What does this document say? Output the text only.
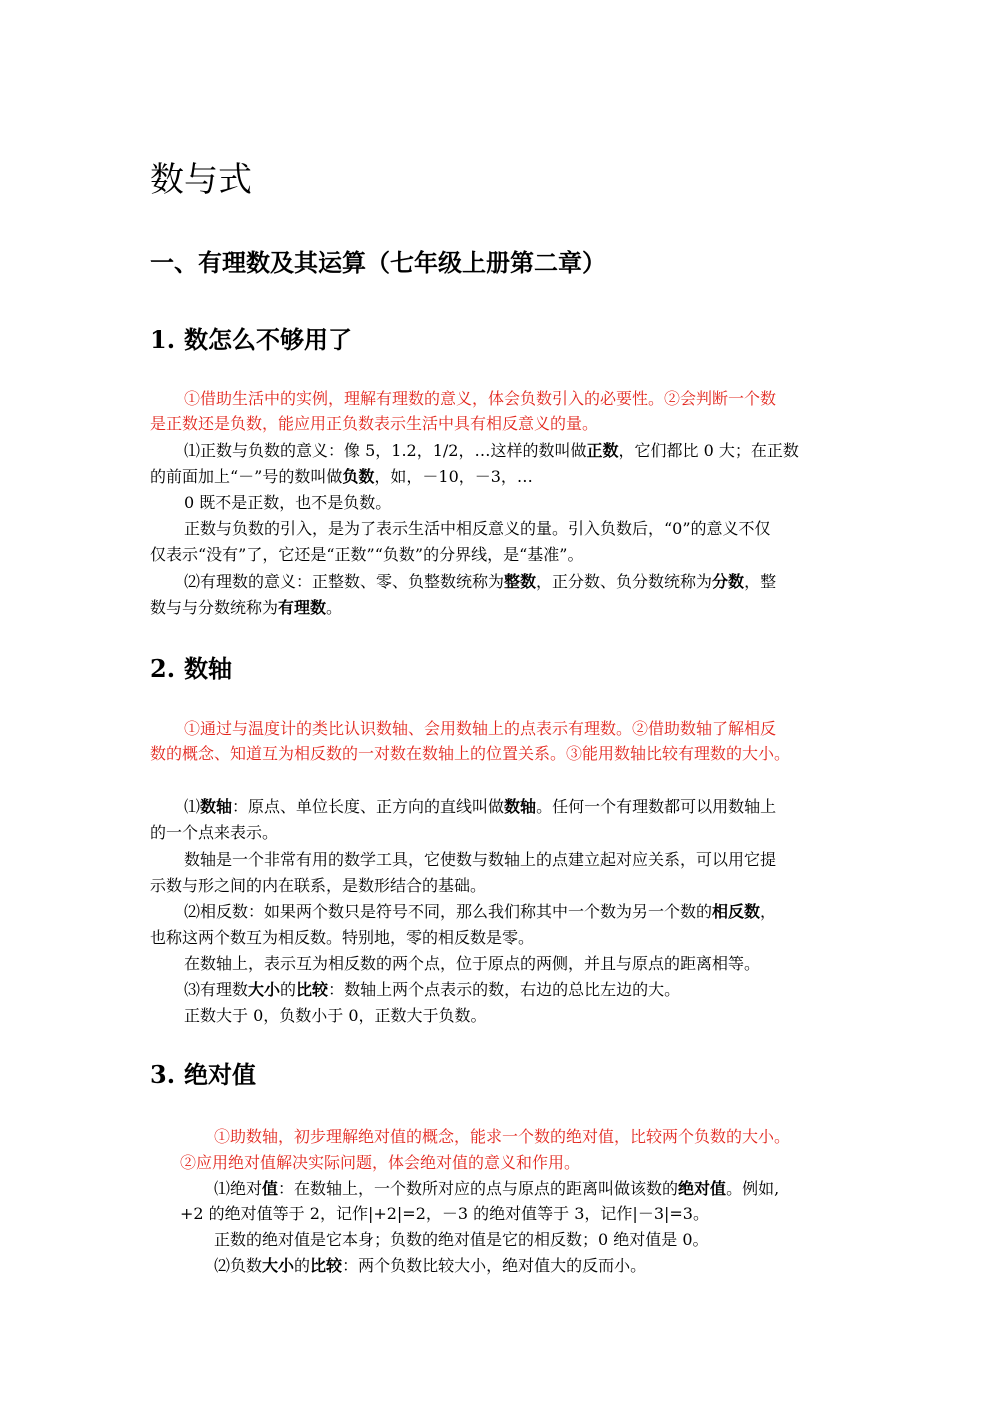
数与式
一、有理数及其运算（七年级上册第二章）
1. 数怎么不够用了
①借助生活中的实例，理解有理数的意义，体会负数引入的必要性。②会判断一个数
是正数还是负数，能应用正负数表示生活中具有相反意义的量。
⑴正数与负数的意义：像 5，1.2，1/2，…这样的数叫做正数，它们都比 0 大；在正数
的前面加上“－”号的数叫做负数，如，－10，－3，…
0 既不是正数，也不是负数。
正数与负数的引入，是为了表示生活中相反意义的量。引入负数后，“0”的意义不仅
仅表示“没有”了，它还是“正数”“负数”的分界线，是“基准”。
⑵有理数的意义：正整数、零、负整数统称为整数，正分数、负分数统称为分数，整
数与与分数统称为有理数。
2. 数轴
①通过与温度计的类比认识数轴、会用数轴上的点表示有理数。②借助数轴了解相反
数的概念、知道互为相反数的一对数在数轴上的位置关系。③能用数轴比较有理数的大小。
⑴数轴：原点、单位长度、正方向的直线叫做数轴。任何一个有理数都可以用数轴上
的一个点来表示。
数轴是一个非常有用的数学工具，它使数与数轴上的点建立起对应关系，可以用它提
示数与形之间的内在联系，是数形结合的基础。
⑵相反数：如果两个数只是符号不同，那么我们称其中一个数为另一个数的相反数，
也称这两个数互为相反数。特别地，零的相反数是零。
在数轴上，表示互为相反数的两个点，位于原点的两侧，并且与原点的距离相等。
⑶有理数大小的比较：数轴上两个点表示的数，右边的总比左边的大。
正数大于 0，负数小于 0，正数大于负数。
3. 绝对值
①助数轴，初步理解绝对值的概念，能求一个数的绝对值，比较两个负数的大小。
②应用绝对值解决实际问题，体会绝对值的意义和作用。
⑴绝对值：在数轴上，一个数所对应的点与原点的距离叫做该数的绝对值。例如,
+2 的绝对值等于 2，记作|+2|=2，－3 的绝对值等于 3，记作|－3|=3。
正数的绝对值是它本身；负数的绝对值是它的相反数；0 绝对值是 0。
⑵负数大小的比较：两个负数比较大小，绝对值大的反而小。
